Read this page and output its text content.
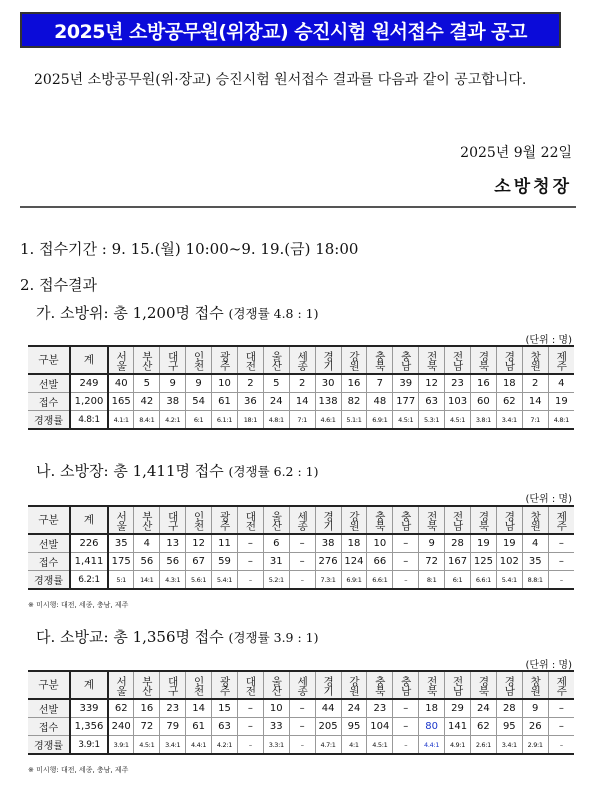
2025년 소방공무원(위장교) 승진시험 원서접수 결과 공고
2025년 소방공무원(위·장교) 승진시험 원서접수 결과를 다음과 같이 공고합니다.
2025년 9월 22일
소방청장
1. 접수기간 : 9. 15.(월) 10:00~9. 19.(금) 18:00
2. 접수결과
가. 소방위: 총 1,200명 접수 (경쟁률 4.8 : 1)
(단위 : 명)
구분	계	서울	부산	대구	인천	광주	대전	울산	세종	경기	강원	충북	충남	전북	전남	경북	경남	창원	제주
선발	249	40	5	9	9	10	2	5	2	30	16	7	39	12	23	16	18	2	4
접수	1,200	165	42	38	54	61	36	24	14	138	82	48	177	63	103	60	62	14	19
경쟁률	4.8:1	4.1:1	8.4:1	4.2:1	6:1	6.1:1	18:1	4.8:1	7:1	4.6:1	5.1:1	6.9:1	4.5:1	5.3:1	4.5:1	3.8:1	3.4:1	7:1	4.8:1
나. 소방장: 총 1,411명 접수 (경쟁률 6.2 : 1)
(단위 : 명)
구분	계	서울	부산	대구	인천	광주	대전	울산	세종	경기	강원	충북	충남	전북	전남	경북	경남	창원	제주
선발	226	35	4	13	12	11	–	6	–	38	18	10	–	9	28	19	19	4	–
접수	1,411	175	56	56	67	59	–	31	–	276	124	66	–	72	167	125	102	35	–
경쟁률	6.2:1	5:1	14:1	4.3:1	5.6:1	5.4:1	–	5.2:1	–	7.3:1	6.9:1	6.6:1	–	8:1	6:1	6.6:1	5.4:1	8.8:1	–
※ 미시행: 대전, 세종, 충남, 제주
다. 소방교: 총 1,356명 접수 (경쟁률 3.9 : 1)
(단위 : 명)
구분	계	서울	부산	대구	인천	광주	대전	울산	세종	경기	강원	충북	충남	전북	전남	경북	경남	창원	제주
선발	339	62	16	23	14	15	–	10	–	44	24	23	–	18	29	24	28	9	–
접수	1,356	240	72	79	61	63	–	33	–	205	95	104	–	80	141	62	95	26	–
경쟁률	3.9:1	3.9:1	4.5:1	3.4:1	4.4:1	4.2:1	–	3.3:1	–	4.7:1	4:1	4.5:1	–	4.4:1	4.9:1	2.6:1	3.4:1	2.9:1	–
※ 미시행: 대전, 세종, 충남, 제주
